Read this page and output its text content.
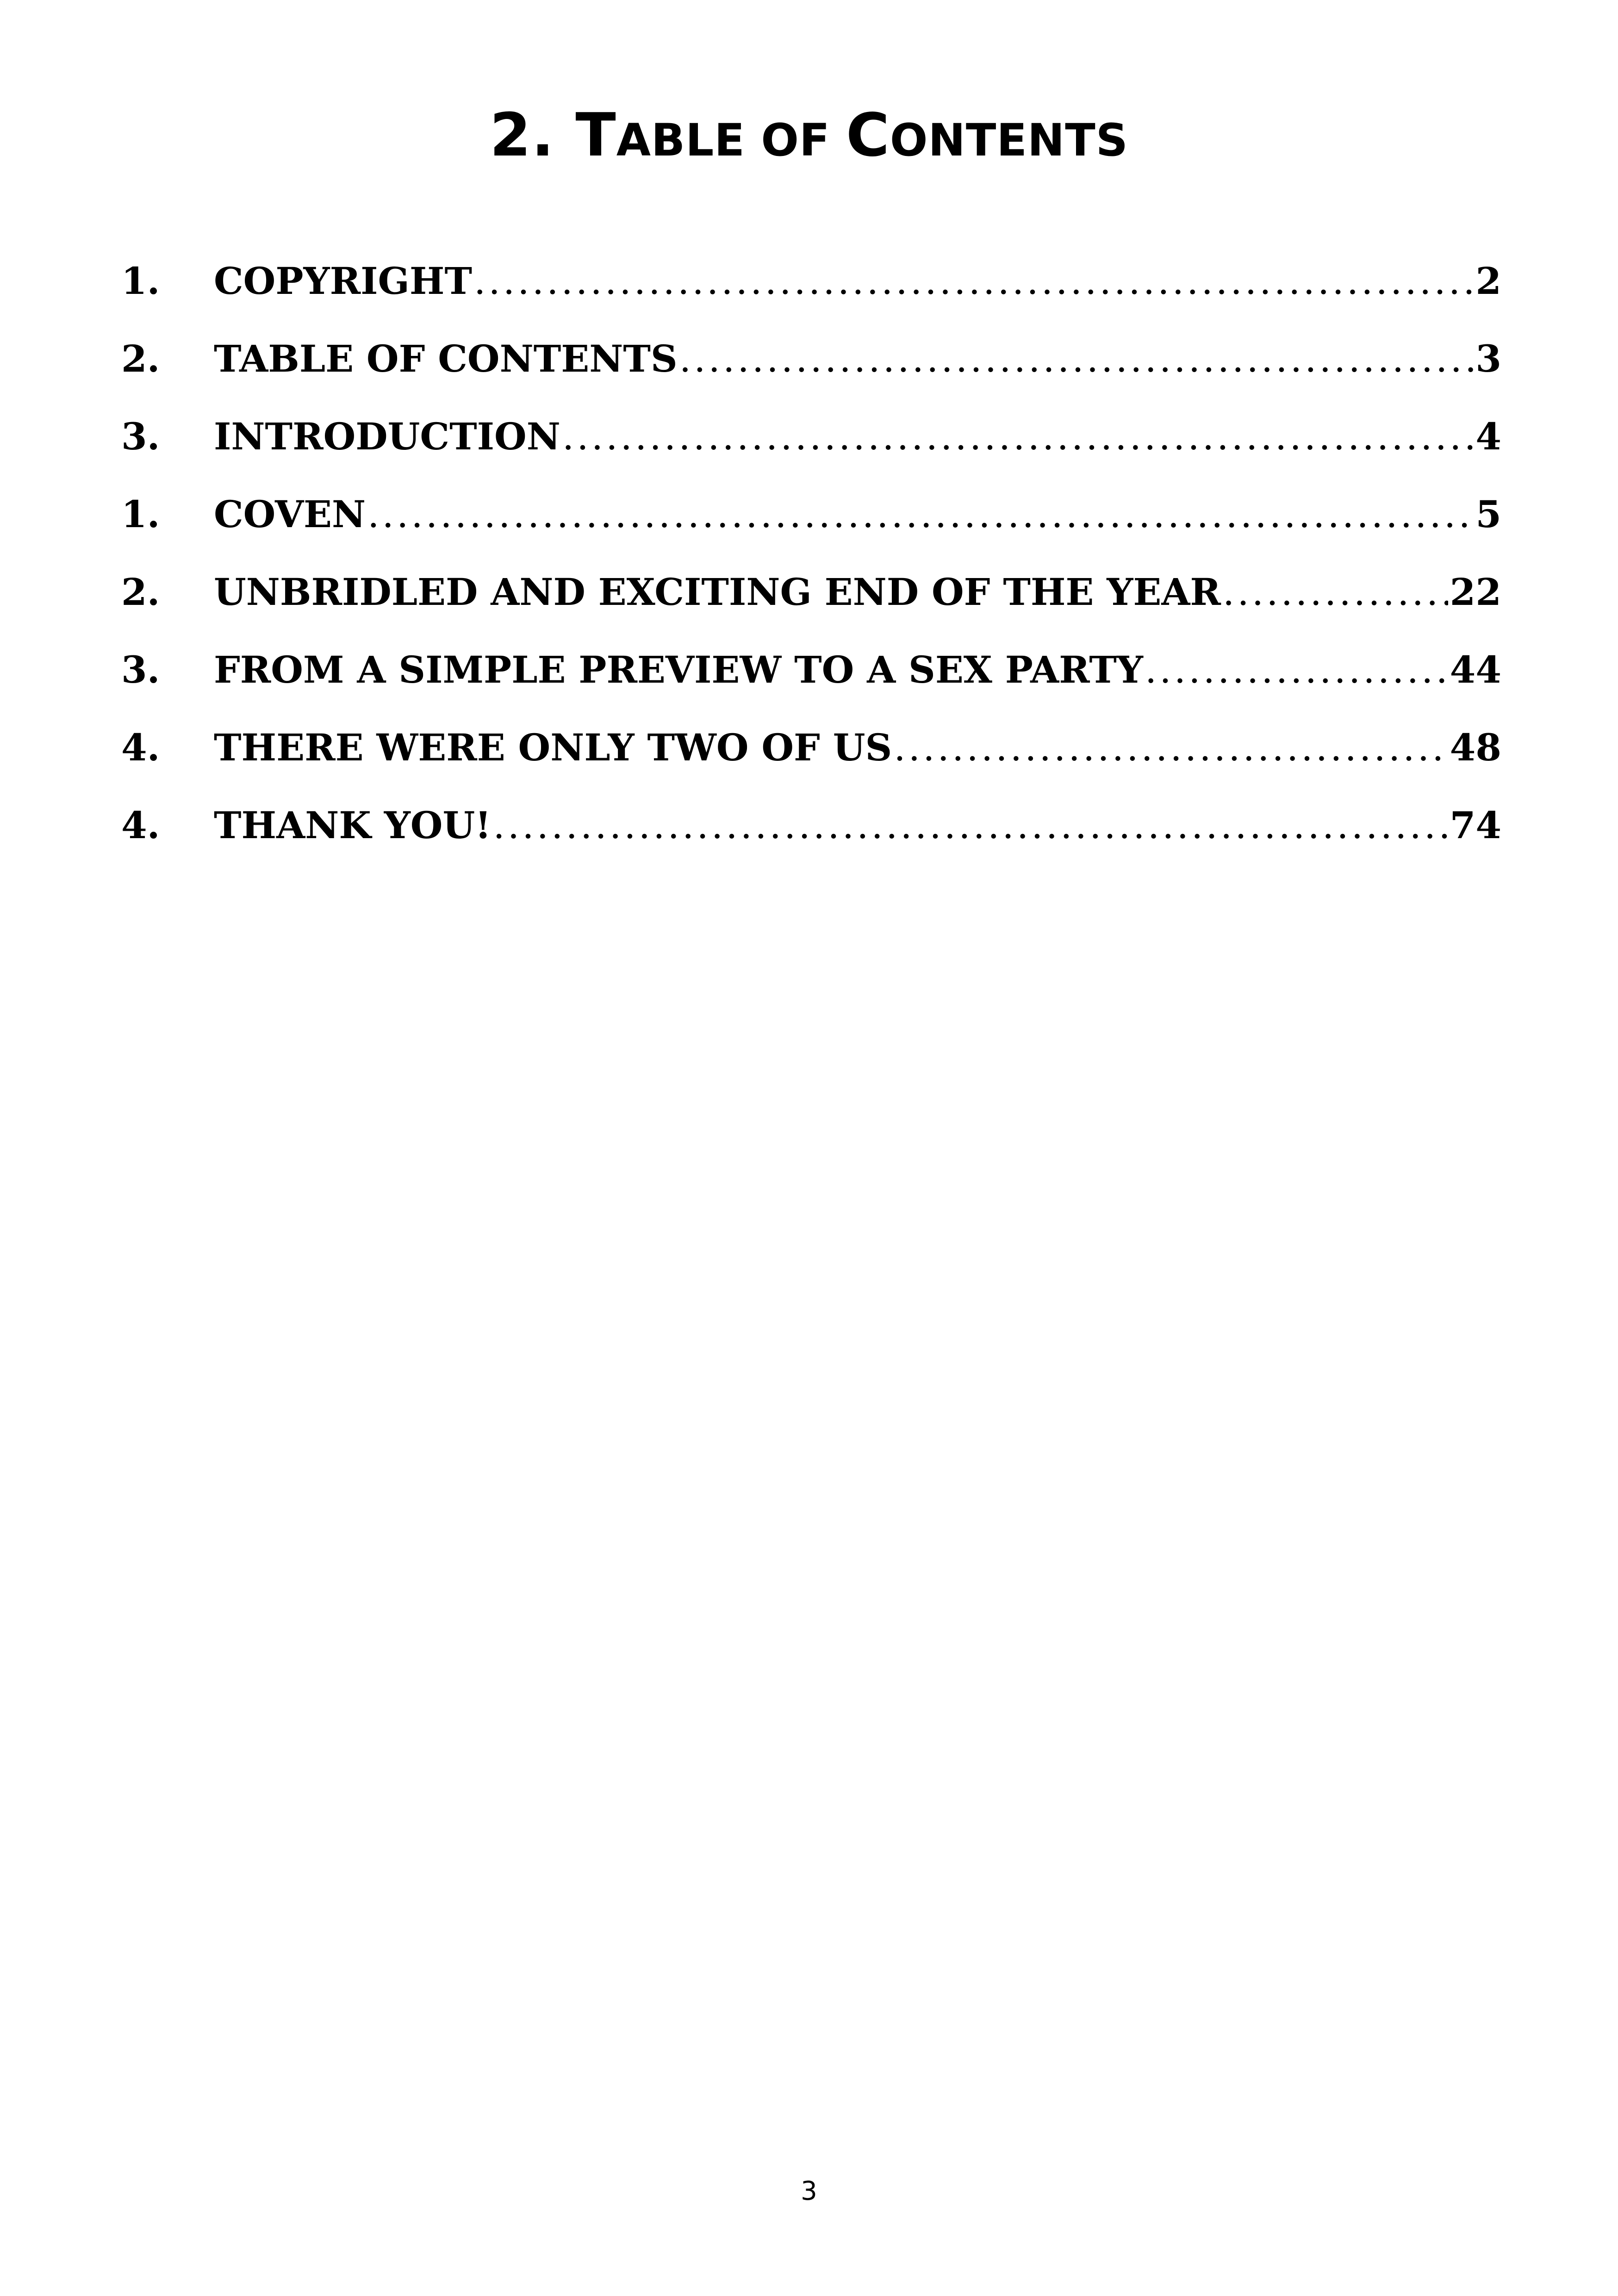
2. TABLE OF CONTENTS
1.	COPYRIGHT .....	2
2.	TABLE OF CONTENTS .....	3
3.	INTRODUCTION .....	4
1.	COVEN .....	5
2.	UNBRIDLED AND EXCITING END OF THE YEAR .....	22
3.	FROM A SIMPLE PREVIEW TO A SEX PARTY .....	44
4.	THERE WERE ONLY TWO OF US .....	48
4.	THANK YOU! .....	74
3
